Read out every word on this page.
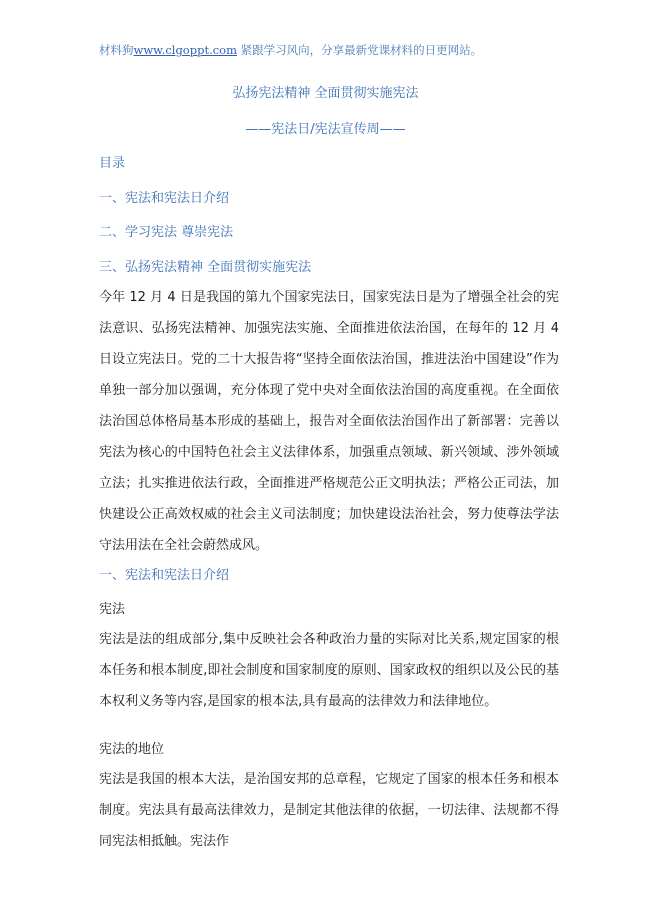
材料狗www.clgoppt.com 紧跟学习风向，分享最新党课材料的日更网站。
弘扬宪法精神 全面贯彻实施宪法
——宪法日/宪法宣传周——
目录
一、宪法和宪法日介绍
二、学习宪法 尊崇宪法
三、弘扬宪法精神 全面贯彻实施宪法

今年 12 月 4 日是我国的第九个国家宪法日，国家宪法日是为了增强全社会的宪法意识、弘扬宪法精神、加强宪法实施、全面推进依法治国，在每年的 12 月 4 日设立宪法日。党的二十大报告将“坚持全面依法治国，推进法治中国建设”作为单独一部分加以强调，充分体现了党中央对全面依法治国的高度重视。在全面依法治国总体格局基本形成的基础上，报告对全面依法治国作出了新部署：完善以宪法为核心的中国特色社会主义法律体系，加强重点领域、新兴领域、涉外领域立法；扎实推进依法行政，全面推进严格规范公正文明执法；严格公正司法，加快建设公正高效权威的社会主义司法制度；加快建设法治社会，努力使尊法学法守法用法在全社会蔚然成风。

一、宪法和宪法日介绍
宪法

宪法是法的组成部分,集中反映社会各种政治力量的实际对比关系,规定国家的根本任务和根本制度,即社会制度和国家制度的原则、国家政权的组织以及公民的基本权利义务等内容,是国家的根本法,具有最高的法律效力和法律地位。

宪法的地位

宪法是我国的根本大法，是治国安邦的总章程，它规定了国家的根本任务和根本制度。宪法具有最高法律效力，是制定其他法律的依据，一切法律、法规都不得同宪法相抵触。宪法作
